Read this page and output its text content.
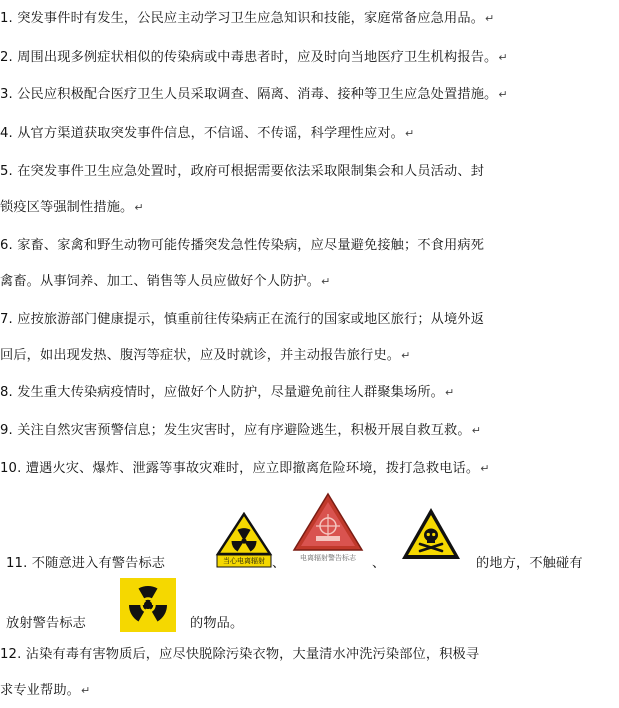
1. 突发事件时有发生，公民应主动学习卫生应急知识和技能，家庭常备应急用品。↵
2. 周围出现多例症状相似的传染病或中毒患者时，应及时向当地医疗卫生机构报告。↵
3. 公民应积极配合医疗卫生人员采取调查、隔离、消毒、接种等卫生应急处置措施。↵
4. 从官方渠道获取突发事件信息，不信谣、不传谣，科学理性应对。↵
5. 在突发事件卫生应急处置时，政府可根据需要依法采取限制集会和人员活动、封
锁疫区等强制性措施。↵
6. 家畜、家禽和野生动物可能传播突发急性传染病，应尽量避免接触；不食用病死
禽畜。从事饲养、加工、销售等人员应做好个人防护。↵
7. 应按旅游部门健康提示，慎重前往传染病正在流行的国家或地区旅行；从境外返
回后，如出现发热、腹泻等症状，应及时就诊，并主动报告旅行史。↵
8. 发生重大传染病疫情时，应做好个人防护，尽量避免前往人群聚集场所。↵
9. 关注自然灾害预警信息；发生灾害时，应有序避险逃生，积极开展自救互救。↵
10. 遭遇火灾、爆炸、泄露等事故灾难时，应立即撤离危险环境，拨打急救电话。↵
11. 不随意进入有警告标志	当心电离辐射 、	电离辐射警告标志	、	的地方，不触碰有
放射警告标志	的物品。
12. 沾染有毒有害物质后，应尽快脱除污染衣物，大量清水冲洗污染部位，积极寻
求专业帮助。↵
